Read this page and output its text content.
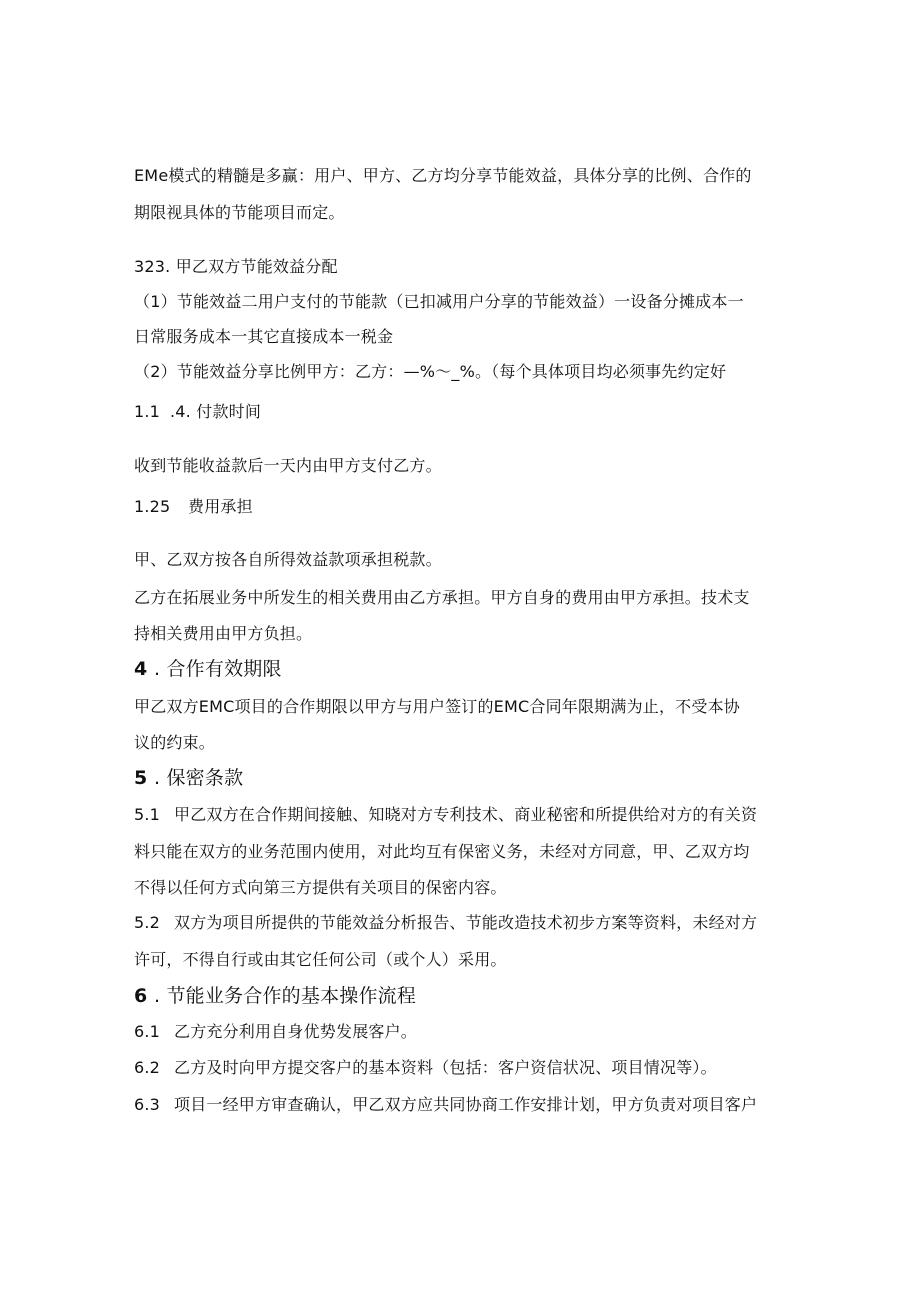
EMe模式的精髓是多赢：用户、甲方、乙方均分享节能效益，具体分享的比例、合作的
期限视具体的节能项目而定。
323. 甲乙双方节能效益分配
（1）节能效益二用户支付的节能款（已扣减用户分享的节能效益）一设备分摊成本一
日常服务成本一其它直接成本一税金
（2）节能效益分享比例甲方：乙方：—%～_%。（每个具体项目均必须事先约定好
1.1 .4. 付款时间
收到节能收益款后一天内由甲方支付乙方。
1.25 费用承担
甲、乙双方按各自所得效益款项承担税款。
乙方在拓展业务中所发生的相关费用由乙方承担。甲方自身的费用由甲方承担。技术支
持相关费用由甲方负担。
4 . 合作有效期限
甲乙双方EMC项目的合作期限以甲方与用户签订的EMC合同年限期满为止，不受本协
议的约束。
5 . 保密条款
5.1 甲乙双方在合作期间接触、知晓对方专利技术、商业秘密和所提供给对方的有关资
料只能在双方的业务范围内使用，对此均互有保密义务，未经对方同意，甲、乙双方均
不得以任何方式向第三方提供有关项目的保密内容。
5.2 双方为项目所提供的节能效益分析报告、节能改造技术初步方案等资料，未经对方
许可，不得自行或由其它任何公司（或个人）采用。
6 . 节能业务合作的基本操作流程
6.1 乙方充分利用自身优势发展客户。
6.2 乙方及时向甲方提交客户的基本资料（包括：客户资信状况、项目情况等）。
6.3 项目一经甲方审查确认，甲乙双方应共同协商工作安排计划，甲方负责对项目客户
